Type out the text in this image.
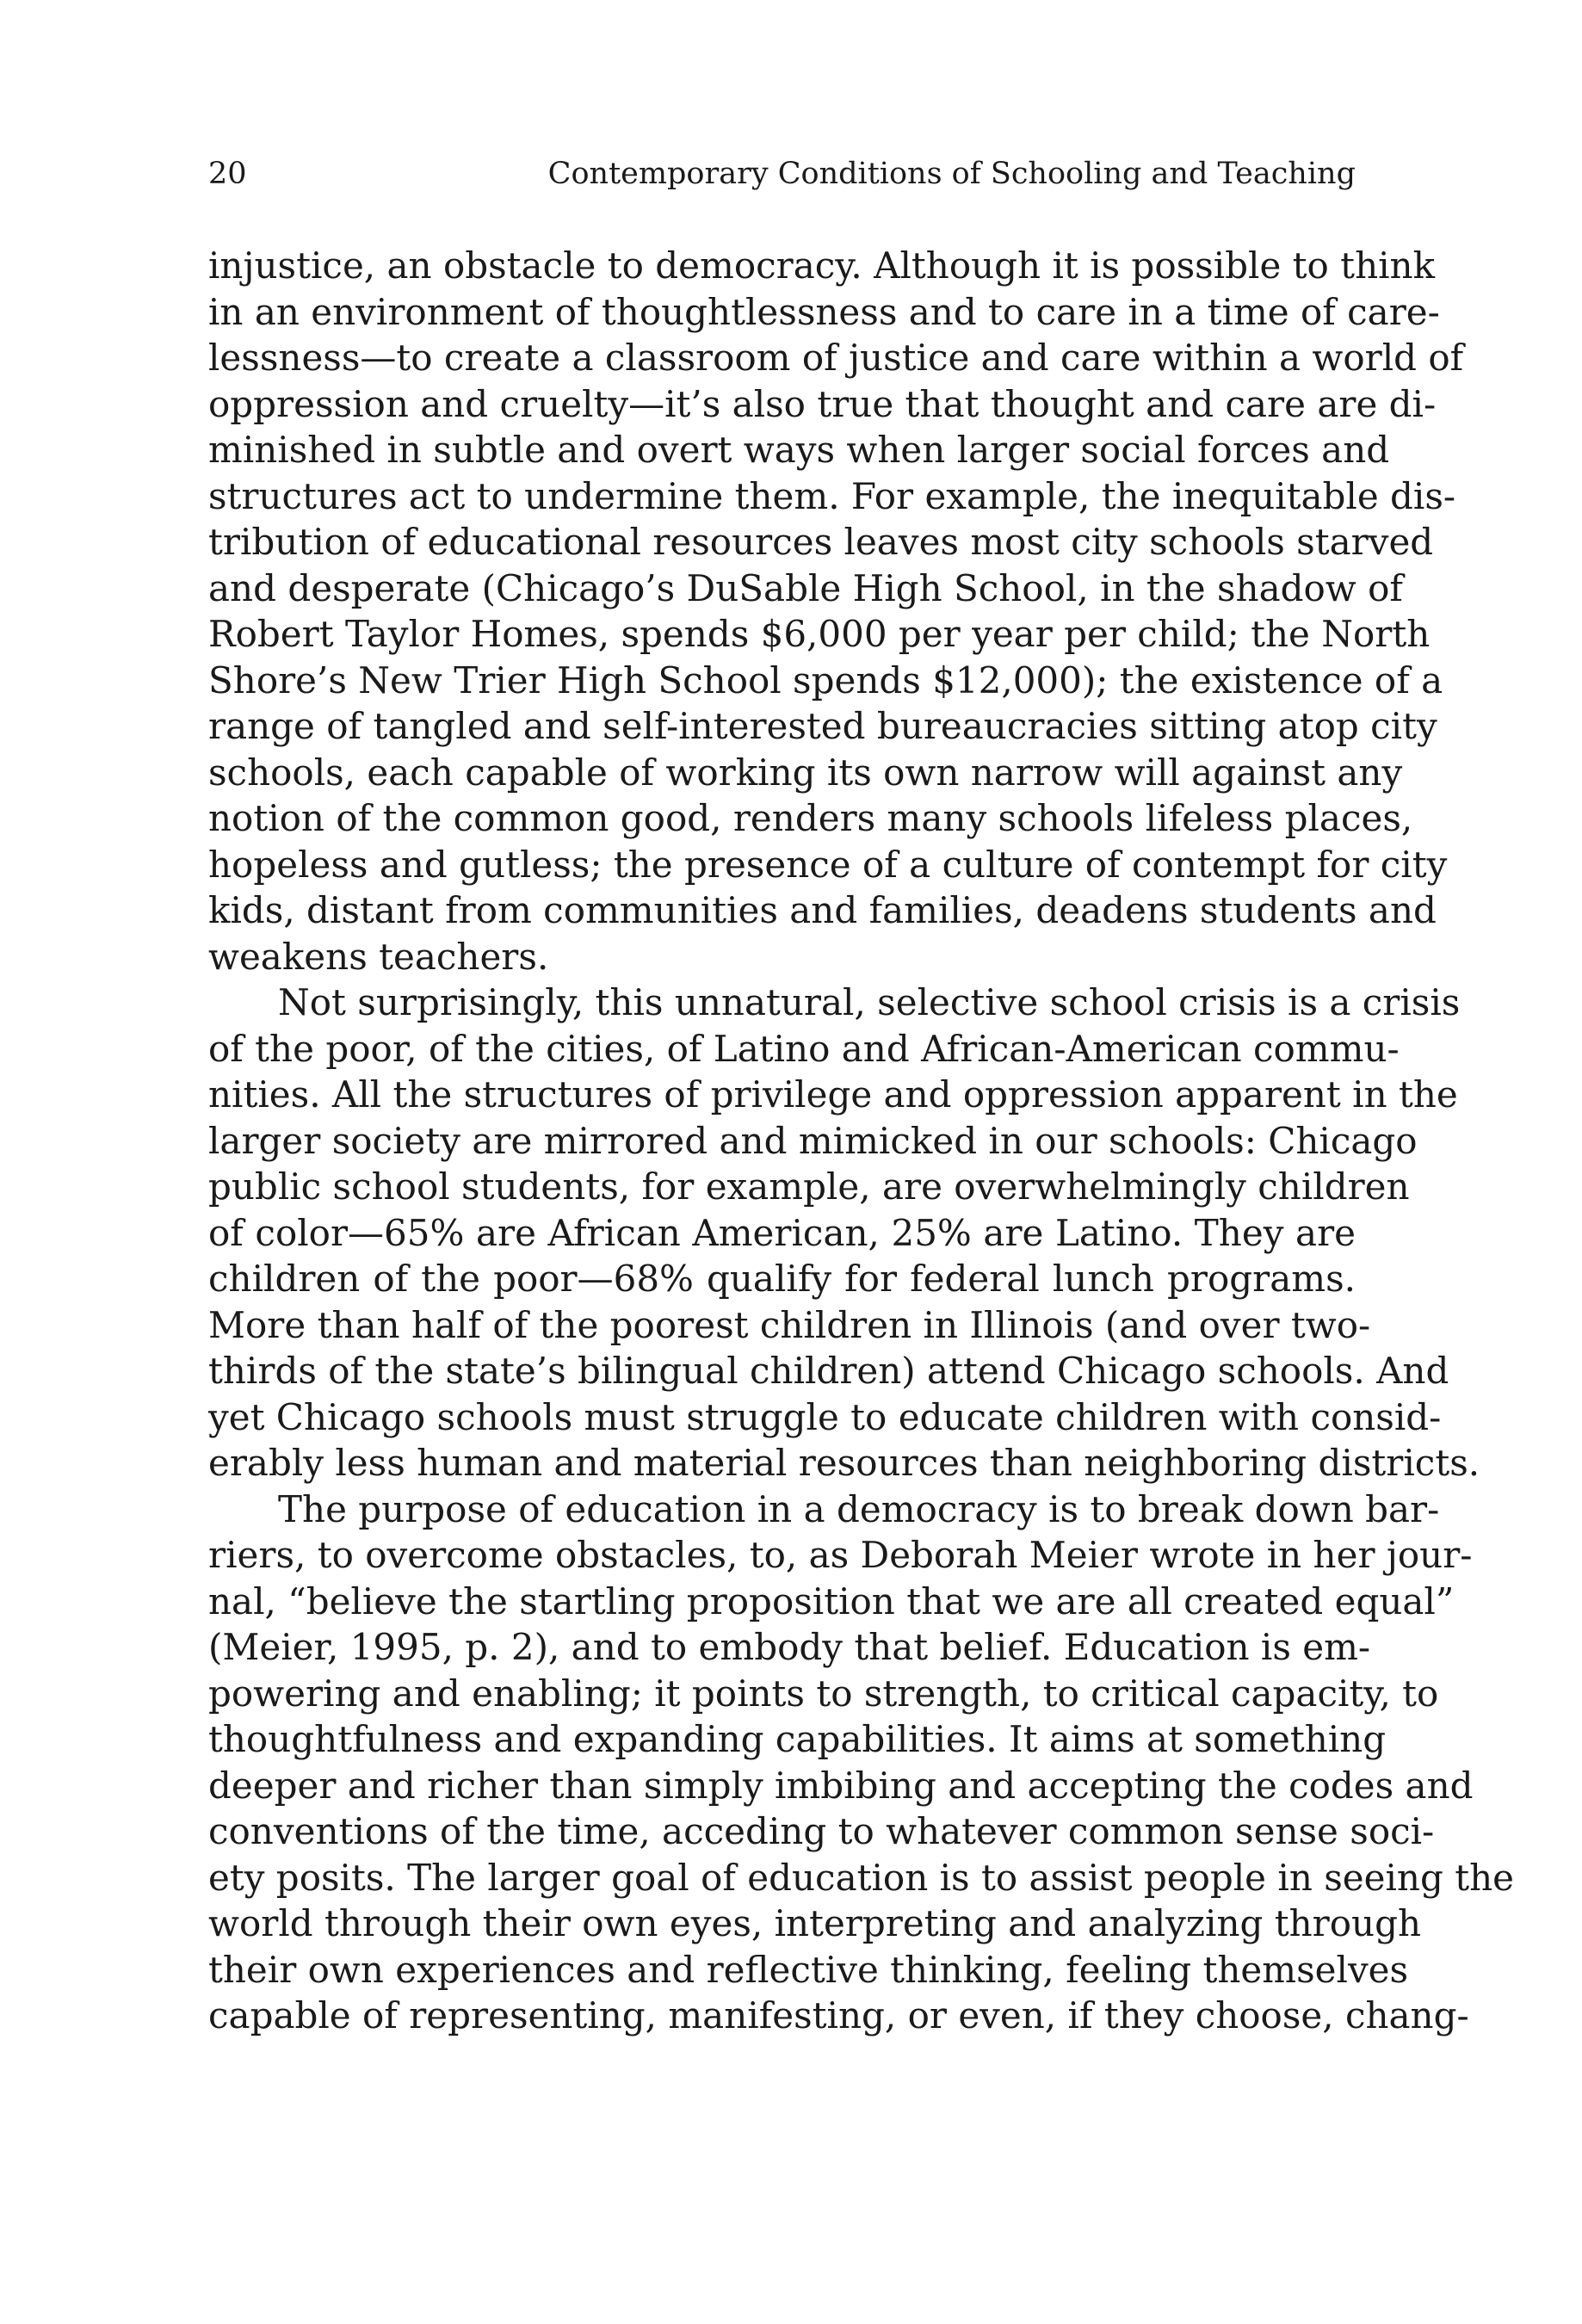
20	Contemporary Conditions of Schooling and Teaching
injustice, an obstacle to democracy. Although it is possible to think
in an environment of thoughtlessness and to care in a time of care-
lessness—to create a classroom of justice and care within a world of
oppression and cruelty—it’s also true that thought and care are di-
minished in subtle and overt ways when larger social forces and
structures act to undermine them. For example, the inequitable dis-
tribution of educational resources leaves most city schools starved
and desperate (Chicago’s DuSable High School, in the shadow of
Robert Taylor Homes, spends $6,000 per year per child; the North
Shore’s New Trier High School spends $12,000); the existence of a
range of tangled and self-interested bureaucracies sitting atop city
schools, each capable of working its own narrow will against any
notion of the common good, renders many schools lifeless places,
hopeless and gutless; the presence of a culture of contempt for city
kids, distant from communities and families, deadens students and
weakens teachers.
Not surprisingly, this unnatural, selective school crisis is a crisis
of the poor, of the cities, of Latino and African-American commu-
nities. All the structures of privilege and oppression apparent in the
larger society are mirrored and mimicked in our schools: Chicago
public school students, for example, are overwhelmingly children
of color—65% are African American, 25% are Latino. They are
children of the poor—68% qualify for federal lunch programs.
More than half of the poorest children in Illinois (and over two-
thirds of the state’s bilingual children) attend Chicago schools. And
yet Chicago schools must struggle to educate children with consid-
erably less human and material resources than neighboring districts.
The purpose of education in a democracy is to break down bar-
riers, to overcome obstacles, to, as Deborah Meier wrote in her jour-
nal, “believe the startling proposition that we are all created equal”
(Meier, 1995, p. 2), and to embody that belief. Education is em-
powering and enabling; it points to strength, to critical capacity, to
thoughtfulness and expanding capabilities. It aims at something
deeper and richer than simply imbibing and accepting the codes and
conventions of the time, acceding to whatever common sense soci-
ety posits. The larger goal of education is to assist people in seeing the
world through their own eyes, interpreting and analyzing through
their own experiences and reflective thinking, feeling themselves
capable of representing, manifesting, or even, if they choose, chang-
